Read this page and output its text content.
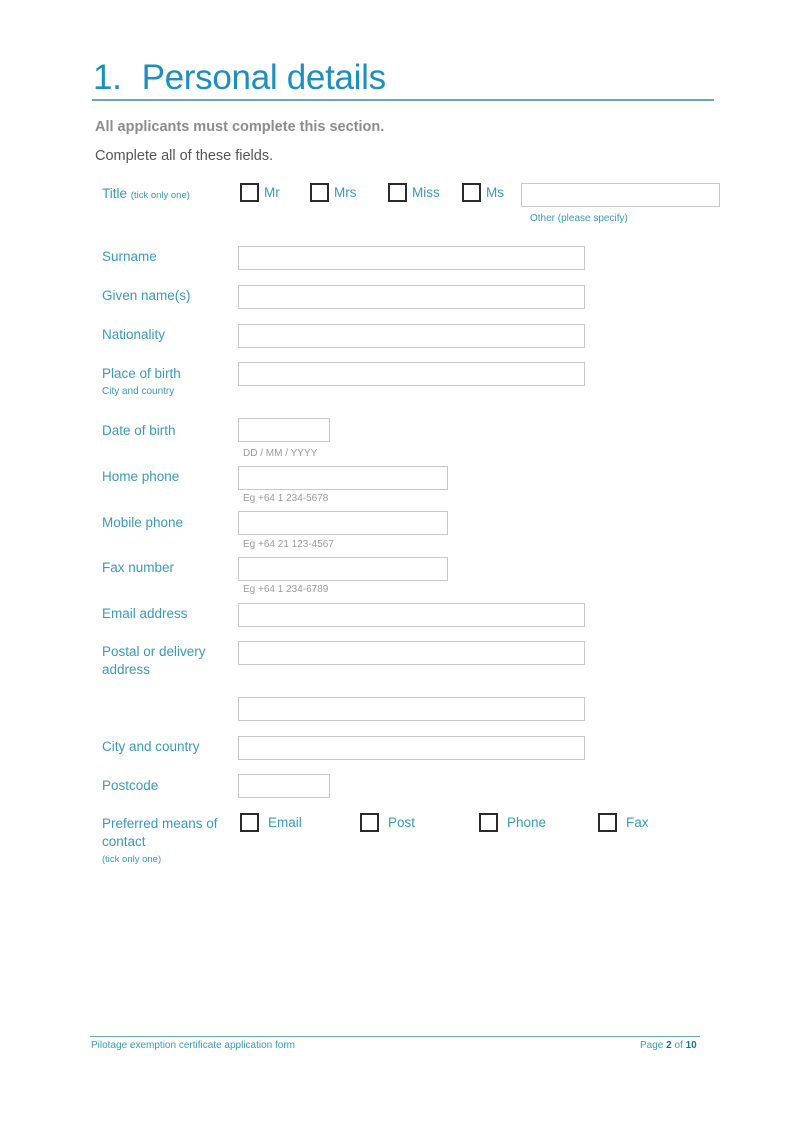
1. Personal details
All applicants must complete this section.
Complete all of these fields.
Title (tick only one)	Mr	Mrs	Miss	Ms
Other (please specify)
Surname
Given name(s)
Nationality
Place of birth
City and country
Date of birth
DD / MM / YYYY
Home phone
Eg +64 1 234-5678
Mobile phone
Eg +64 21 123-4567
Fax number
Eg +64 1 234-6789
Email address
Postal or delivery
address
City and country
Postcode
Preferred means of
contact
(tick only one)
Email	Post	Phone	Fax
Pilotage exemption certificate application form	Page 2 of 10
